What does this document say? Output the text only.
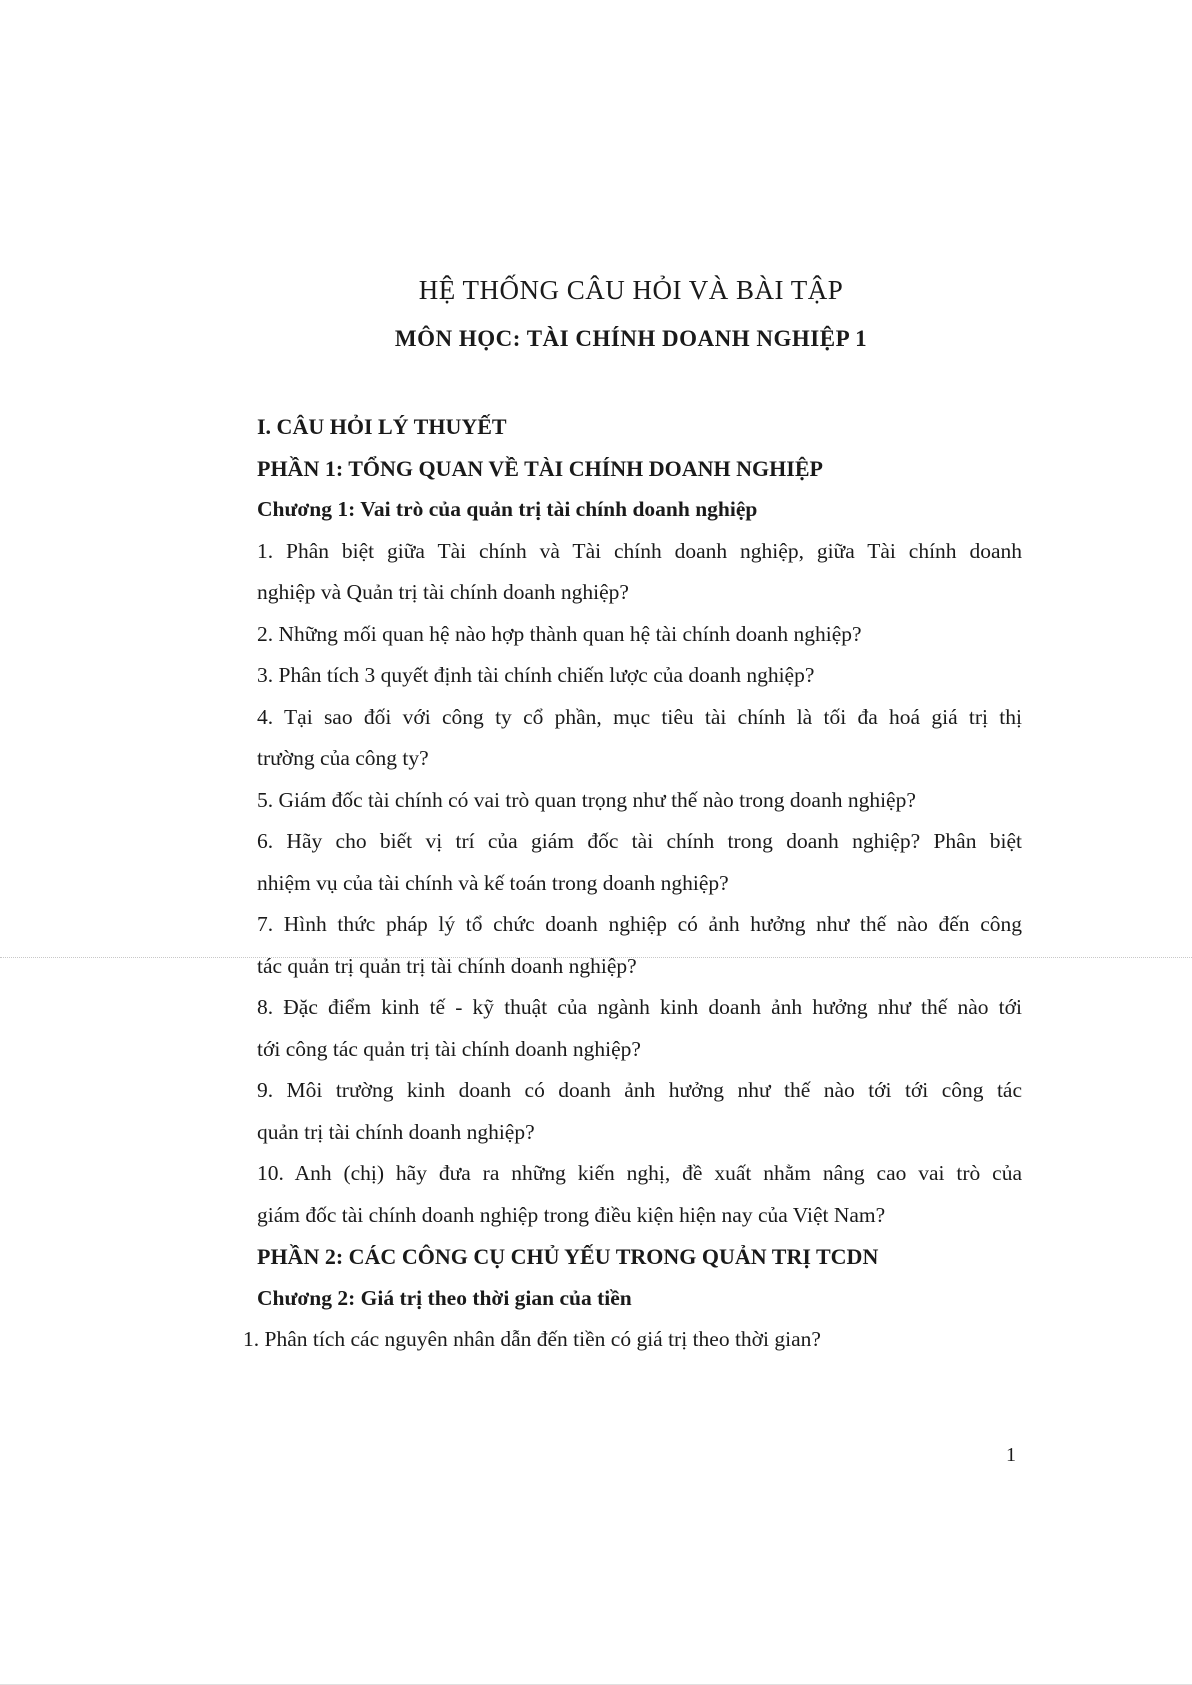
HỆ THỐNG CÂU HỎI VÀ BÀI TẬP
MÔN HỌC: TÀI CHÍNH DOANH NGHIỆP 1
I. CÂU HỎI LÝ THUYẾT
PHẦN 1: TỔNG QUAN VỀ TÀI CHÍNH DOANH NGHIỆP
Chương 1: Vai trò của quản trị tài chính doanh nghiệp
1. Phân biệt giữa Tài chính và Tài chính doanh nghiệp, giữa Tài chính doanh
nghiệp và Quản trị tài chính doanh nghiệp?
2. Những mối quan hệ nào hợp thành quan hệ tài chính doanh nghiệp?
3. Phân tích 3 quyết định tài chính chiến lược của doanh nghiệp?
4. Tại sao đối với công ty cổ phần, mục tiêu tài chính là tối đa hoá giá trị thị
trường của công ty?
5. Giám đốc tài chính có vai trò quan trọng như thế nào trong doanh nghiệp?
6. Hãy cho biết vị trí của giám đốc tài chính trong doanh nghiệp? Phân biệt
nhiệm vụ của tài chính và kế toán trong doanh nghiệp?
7. Hình thức pháp lý tổ chức doanh nghiệp có ảnh hưởng như thế nào đến công
tác quản trị quản trị tài chính doanh nghiệp?
8. Đặc điểm kinh tế - kỹ thuật của ngành kinh doanh ảnh hưởng như thế nào tới
tới công tác quản trị tài chính doanh nghiệp?
9. Môi trường kinh doanh có doanh ảnh hưởng như thế nào tới tới công tác
quản trị tài chính doanh nghiệp?
10. Anh (chị) hãy đưa ra những kiến nghị, đề xuất nhằm nâng cao vai trò của
giám đốc tài chính doanh nghiệp trong điều kiện hiện nay của Việt Nam?
PHẦN 2: CÁC CÔNG CỤ CHỦ YẾU TRONG QUẢN TRỊ TCDN
Chương 2: Giá trị theo thời gian của tiền
1. Phân tích các nguyên nhân dẫn đến tiền có giá trị theo thời gian?
1
